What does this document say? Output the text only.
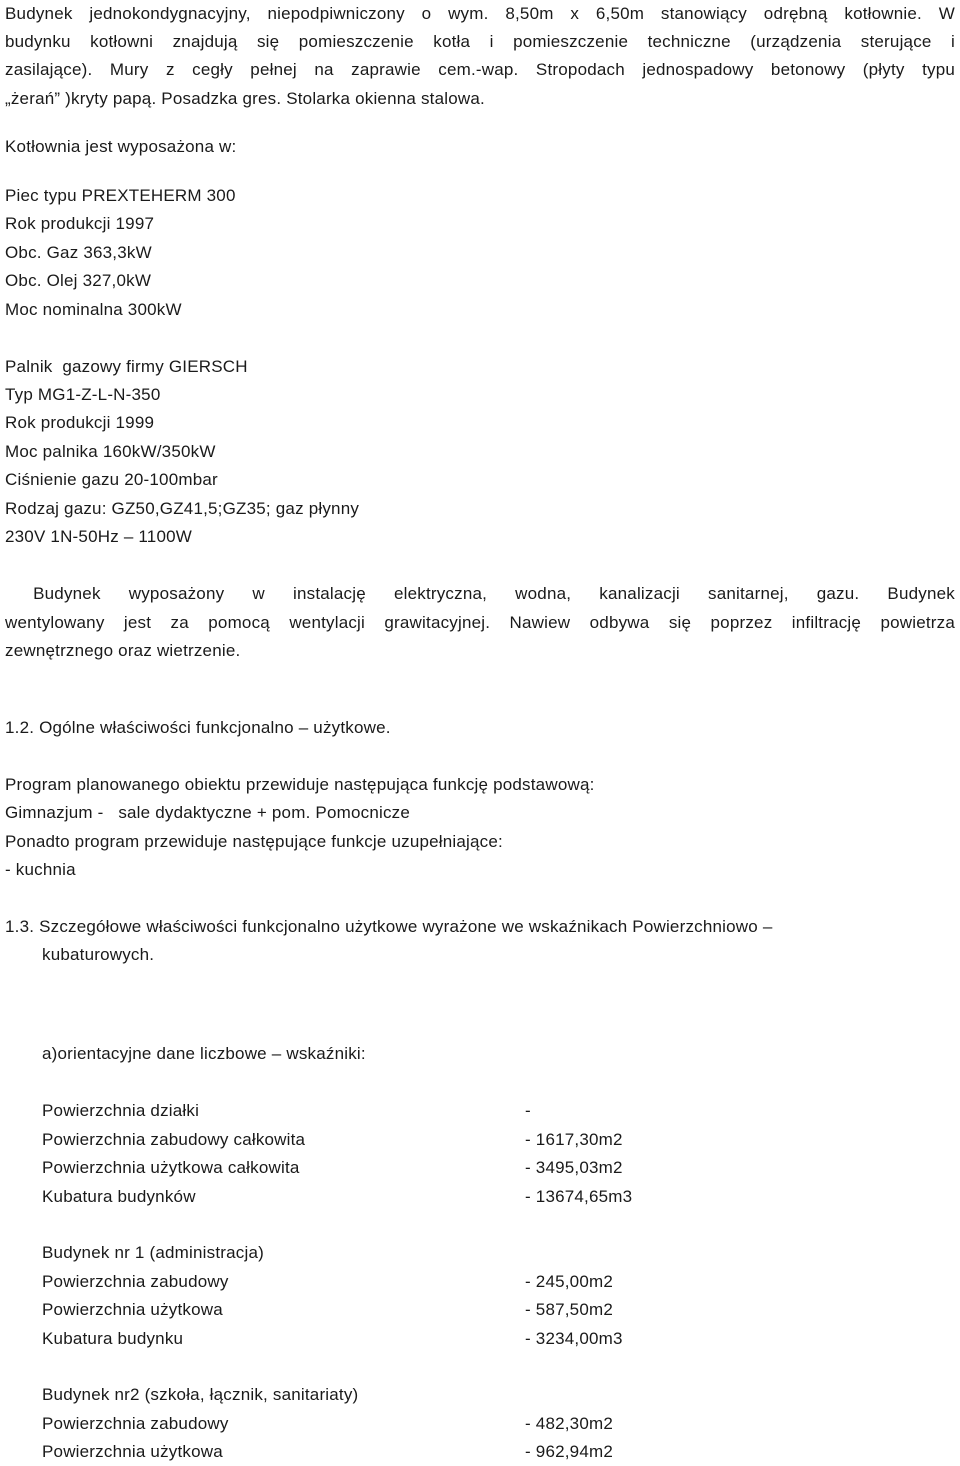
Budynek jednokondygnacyjny, niepodpiwniczony o wym. 8,50m x 6,50m stanowiący odrębną kotłownie. W
budynku kotłowni znajdują się pomieszczenie kotła i pomieszczenie techniczne (urządzenia sterujące i
zasilające). Mury z cegły pełnej na zaprawie cem.-wap. Stropodach jednospadowy betonowy (płyty typu
„żerań” )kryty papą. Posadzka gres. Stolarka okienna stalowa.
Kotłownia jest wyposażona w:
Piec typu PREXTEHERM 300
Rok produkcji 1997
Obc. Gaz 363,3kW
Obc. Olej 327,0kW
Moc nominalna 300kW
Palnik  gazowy firmy GIERSCH
Typ MG1-Z-L-N-350
Rok produkcji 1999
Moc palnika 160kW/350kW
Ciśnienie gazu 20-100mbar
Rodzaj gazu: GZ50,GZ41,5;GZ35; gaz płynny
230V 1N-50Hz – 1100W
Budynek wyposażony w instalację elektryczna, wodna, kanalizacji sanitarnej, gazu. Budynek
wentylowany jest za pomocą wentylacji grawitacyjnej. Nawiew odbywa się poprzez infiltrację powietrza
zewnętrznego oraz wietrzenie.
1.2. Ogólne właściwości funkcjonalno – użytkowe.
Program planowanego obiektu przewiduje następująca funkcję podstawową:
Gimnazjum -   sale dydaktyczne + pom. Pomocnicze
Ponadto program przewiduje następujące funkcje uzupełniające:
- kuchnia
1.3. Szczegółowe właściwości funkcjonalno użytkowe wyrażone we wskaźnikach Powierzchniowo –
kubaturowych.
a)orientacyjne dane liczbowe – wskaźniki:
Powierzchnia działki	-
Powierzchnia zabudowy całkowita	- 1617,30m2
Powierzchnia użytkowa całkowita	- 3495,03m2
Kubatura budynków	- 13674,65m3
Budynek nr 1 (administracja)
Powierzchnia zabudowy	- 245,00m2
Powierzchnia użytkowa	- 587,50m2
Kubatura budynku	- 3234,00m3
Budynek nr2 (szkoła, łącznik, sanitariaty)
Powierzchnia zabudowy	- 482,30m2
Powierzchnia użytkowa	- 962,94m2
